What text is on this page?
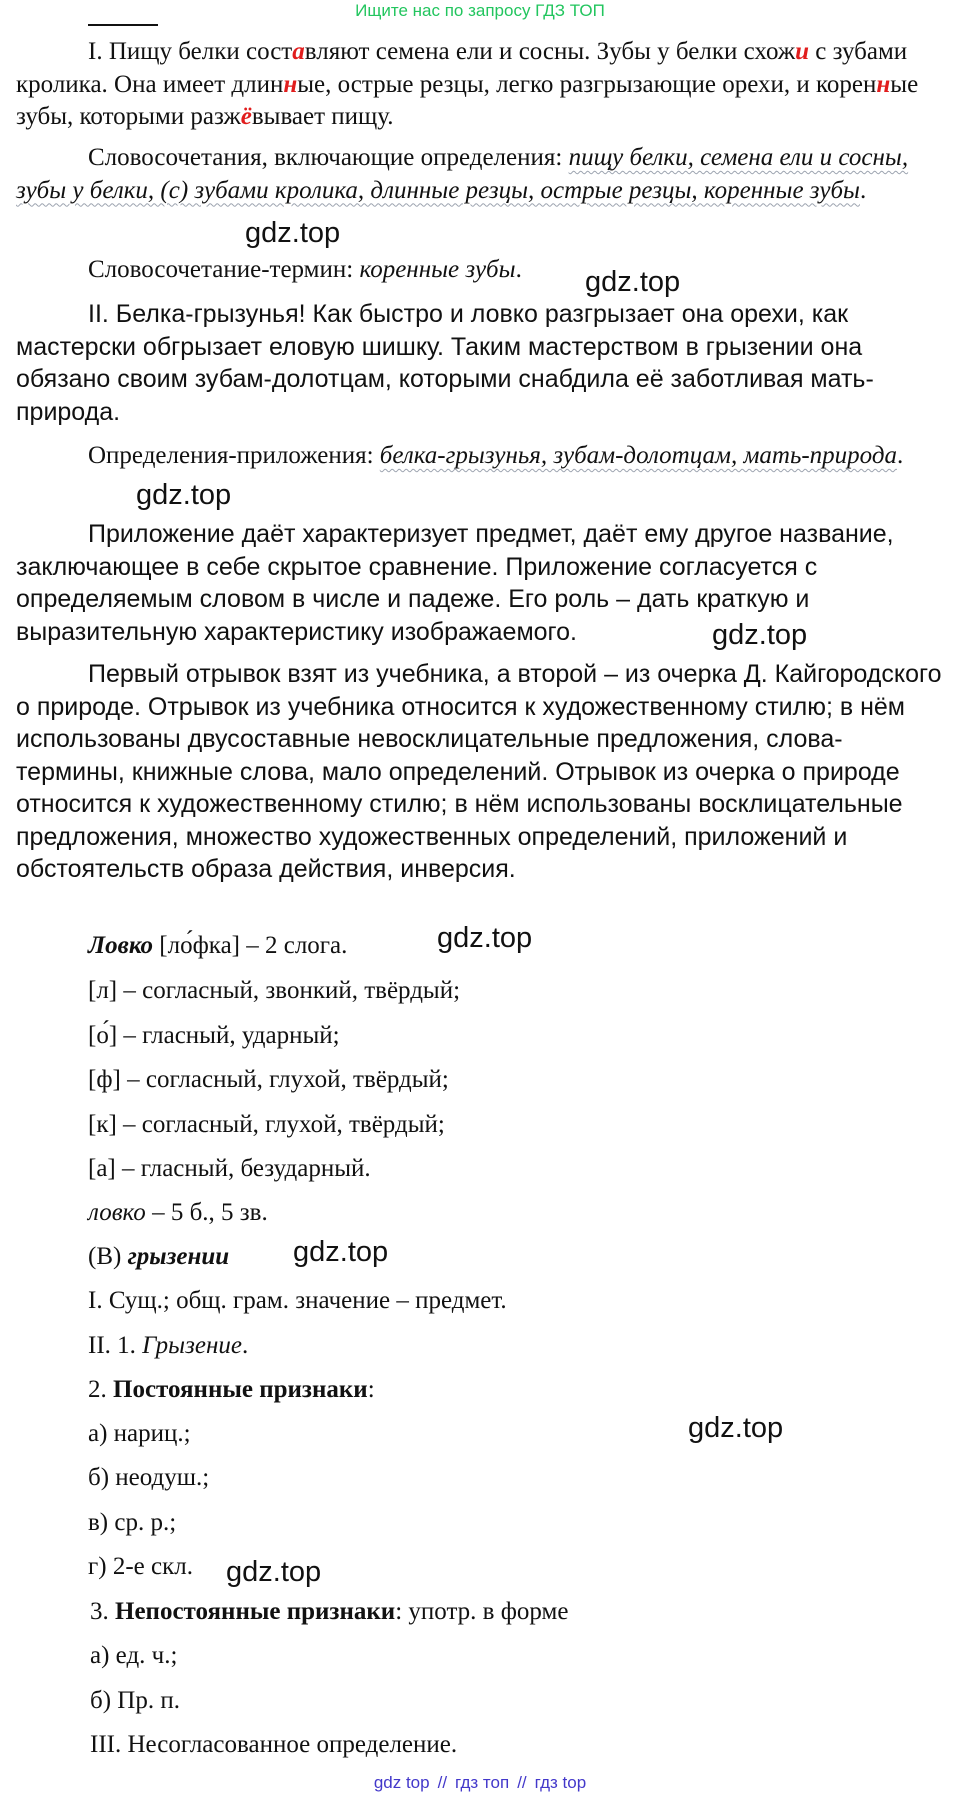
Ищите нас по запросу ГДЗ ТОП

I. Пищу белки составляют семена ели и сосны. Зубы у белки схожи с зубами кролика. Она имеет длинные, острые резцы, легко разгрызающие орехи, и коренные зубы, которыми разжёвывает пищу.

Словосочетания, включающие определения: пищу белки, семена ели и сосны, зубы у белки, (с) зубами кролика, длинные резцы, острые резцы, коренные зубы.

Словосочетание-термин: коренные зубы.

II. Белка-грызунья! Как быстро и ловко разгрызает она орехи, как мастерски обгрызает еловую шишку. Таким мастерством в грызении она обязано своим зубам-долотцам, которыми снабдила её заботливая мать-природа.

Определения-приложения: белка-грызунья, зубам-долотцам, мать-природа.

Приложение даёт характеризует предмет, даёт ему другое название, заключающее в себе скрытое сравнение. Приложение согласуется с определяемым словом в числе и падеже. Его роль – дать краткую и выразительную характеристику изображаемого.

Первый отрывок взят из учебника, а второй – из очерка Д. Кайгородского о природе. Отрывок из учебника относится к художественному стилю; в нём использованы двусоставные невосклицательные предложения, слова-термины, книжные слова, мало определений. Отрывок из очерка о природе относится к художественному стилю; в нём использованы восклицательные предложения, множество художественных определений, приложений и обстоятельств образа действия, инверсия.

Ловко [ло́фка] – 2 слога.
[л] – согласный, звонкий, твёрдый;
[о́] – гласный, ударный;
[ф] – согласный, глухой, твёрдый;
[к] – согласный, глухой, твёрдый;
[а] – гласный, безударный.
ловко – 5 б., 5 зв.
(В) грызении
I. Сущ.; общ. грам. значение – предмет.
II. 1. Грызение.
2. Постоянные признаки:
а) нариц.;
б) неодуш.;
в) ср. р.;
г) 2-е скл.
3. Непостоянные признаки: употр. в форме
а) ед. ч.;
б) Пр. п.
III. Несогласованное определение.
gdz.top
gdz.top
gdz.top
gdz.top
gdz.top
gdz.top
gdz.top
gdz.top
gdz top // гдз топ // гдз top
